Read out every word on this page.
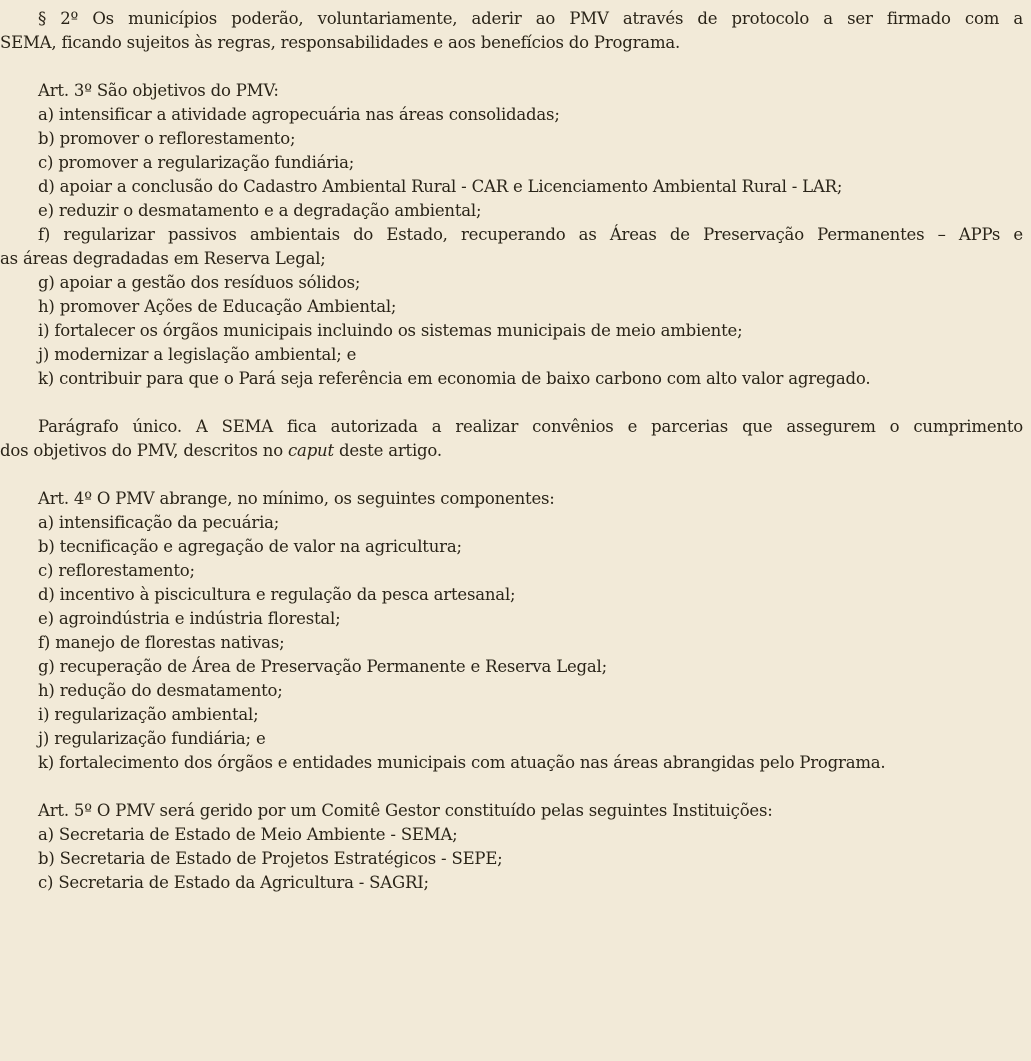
§ 2º Os municípios poderão, voluntariamente, aderir ao PMV através de protocolo a ser firmado com a
SEMA, ficando sujeitos às regras, responsabilidades e aos benefícios do Programa.
Art. 3º São objetivos do PMV:
a) intensificar a atividade agropecuária nas áreas consolidadas;
b) promover o reflorestamento;
c) promover a regularização fundiária;
d) apoiar a conclusão do Cadastro Ambiental Rural - CAR e Licenciamento Ambiental Rural - LAR;
e) reduzir o desmatamento e a degradação ambiental;
f) regularizar passivos ambientais do Estado, recuperando as Áreas de Preservação Permanentes – APPs e
as áreas degradadas em Reserva Legal;
g) apoiar a gestão dos resíduos sólidos;
h) promover Ações de Educação Ambiental;
i) fortalecer os órgãos municipais incluindo os sistemas municipais de meio ambiente;
j) modernizar a legislação ambiental; e
k) contribuir para que o Pará seja referência em economia de baixo carbono com alto valor agregado.
Parágrafo único. A SEMA fica autorizada a realizar convênios e parcerias que assegurem o cumprimento
dos objetivos do PMV, descritos no caput deste artigo.
Art. 4º O PMV abrange, no mínimo, os seguintes componentes:
a) intensificação da pecuária;
b) tecnificação e agregação de valor na agricultura;
c) reflorestamento;
d) incentivo à piscicultura e regulação da pesca artesanal;
e) agroindústria e indústria florestal;
f) manejo de florestas nativas;
g) recuperação de Área de Preservação Permanente e Reserva Legal;
h) redução do desmatamento;
i) regularização ambiental;
j) regularização fundiária; e
k) fortalecimento dos órgãos e entidades municipais com atuação nas áreas abrangidas pelo Programa.
Art. 5º O PMV será gerido por um Comitê Gestor constituído pelas seguintes Instituições:
a) Secretaria de Estado de Meio Ambiente - SEMA;
b) Secretaria de Estado de Projetos Estratégicos - SEPE;
c) Secretaria de Estado da Agricultura - SAGRI;
